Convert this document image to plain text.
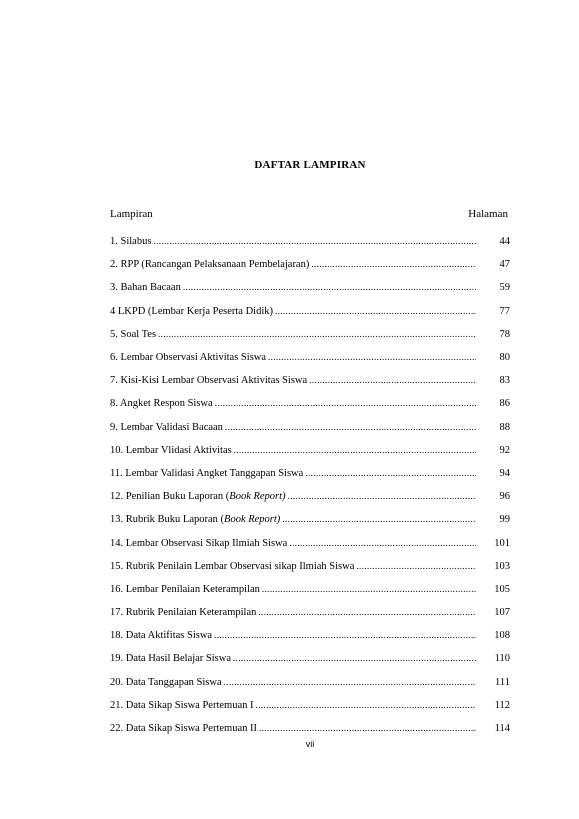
DAFTAR LAMPIRAN
Lampiran	Halaman
1. Silabus .....	44
2. RPP (Rancangan Pelaksanaan Pembelajaran) .....	47
3. Bahan Bacaan .....	59
4 LKPD (Lembar Kerja Peserta Didik) .....	77
5. Soal Tes .....	78
6. Lembar Observasi Aktivitas Siswa .....	80
7. Kisi-Kisi Lembar Observasi Aktivitas Siswa .....	83
8. Angket Respon Siswa .....	86
9. Lembar Validasi Bacaan .....	88
10. Lembar Vlidasi Aktivitas .....	92
11. Lembar Validasi Angket Tanggapan Siswa .....	94
12. Penilian Buku Laporan (Book Report) .....	96
13. Rubrik Buku Laporan (Book Report) .....	99
14. Lembar Observasi Sikap Ilmiah Siswa .....	101
15. Rubrik Penilain Lembar Observasi sikap Ilmiah Siswa .....	103
16. Lembar Penilaian Keterampilan .....	105
17. Rubrik Penilaian Keterampilan .....	107
18. Data Aktifitas Siswa .....	108
19. Data Hasil Belajar Siswa .....	110
20. Data Tanggapan Siswa .....	111
21. Data Sikap Siswa Pertemuan I .....	112
22. Data Sikap Siswa Pertemuan II .....	114
vii
